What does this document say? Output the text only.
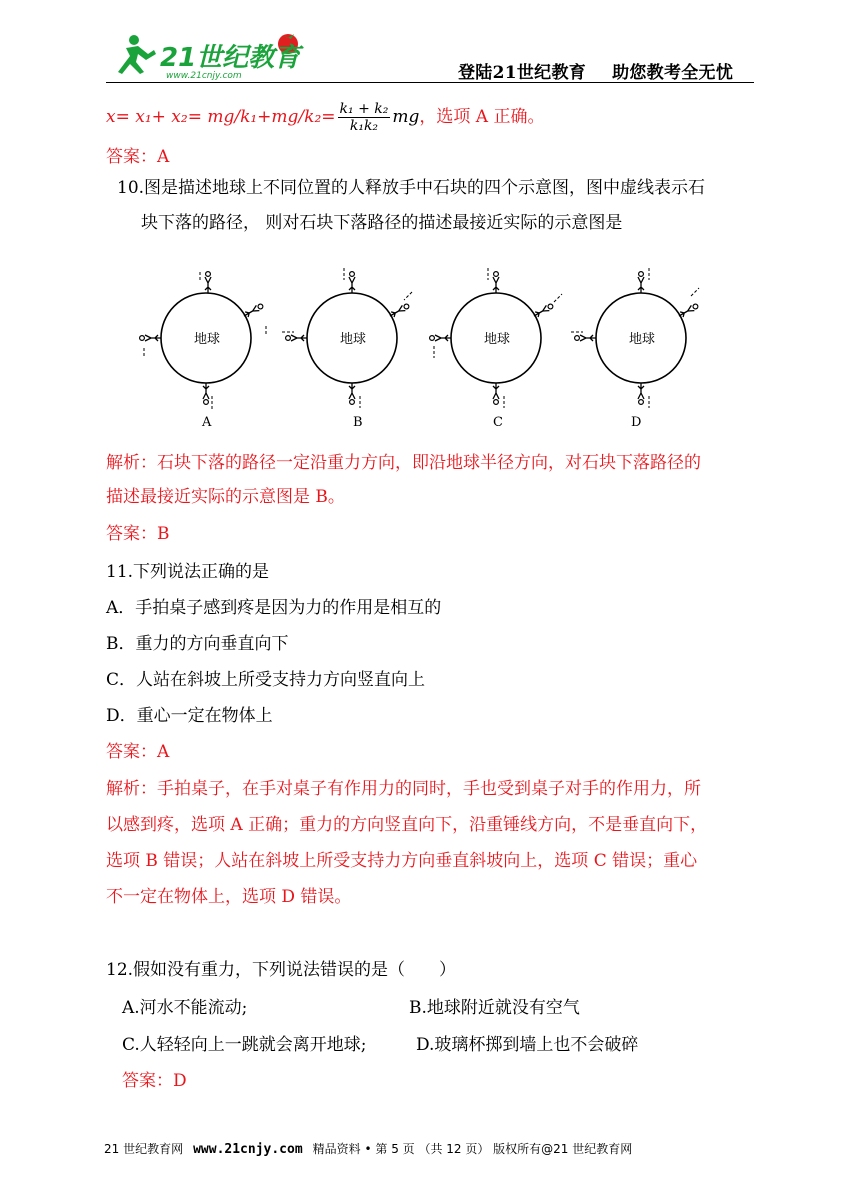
21世纪教育
www.21cnjy.com	登陆21世纪教育 助您教考全无忧
$x= x_1+ x_2= mg/k_1+mg/k_2= \frac{\text{k₁ + k₂}}{\text{k₁k₂}}$ mg，选项 A 正确。
答案：A
10.图是描述地球上不同位置的人释放手中石块的四个示意图，图中虚线表示石
块下落的路径， 则对石块下落路径的描述最接近实际的示意图是
地球	地球	地球	地球
A	B	C	D
解析：石块下落的路径一定沿重力方向，即沿地球半径方向，对石块下落路径的
描述最接近实际的示意图是 B。
答案：B
11.下列说法正确的是
A．手拍桌子感到疼是因为力的作用是相互的
B．重力的方向垂直向下
C．人站在斜坡上所受支持力方向竖直向上
D．重心一定在物体上
答案：A
解析：手拍桌子，在手对桌子有作用力的同时，手也受到桌子对手的作用力，所
以感到疼，选项 A 正确；重力的方向竖直向下，沿重锤线方向，不是垂直向下，
选项 B 错误；人站在斜坡上所受支持力方向垂直斜坡向上，选项 C 错误；重心
不一定在物体上，选项 D 错误。
12.假如没有重力，下列说法错误的是（　　）
A.河水不能流动;	B.地球附近就没有空气
C.人轻轻向上一跳就会离开地球;	D.玻璃杯掷到墙上也不会破碎
答案：D
21 世纪教育网 www.21cnjy.com 精品资料 • 第 5 页 （共 12 页） 版权所有@21 世纪教育网
